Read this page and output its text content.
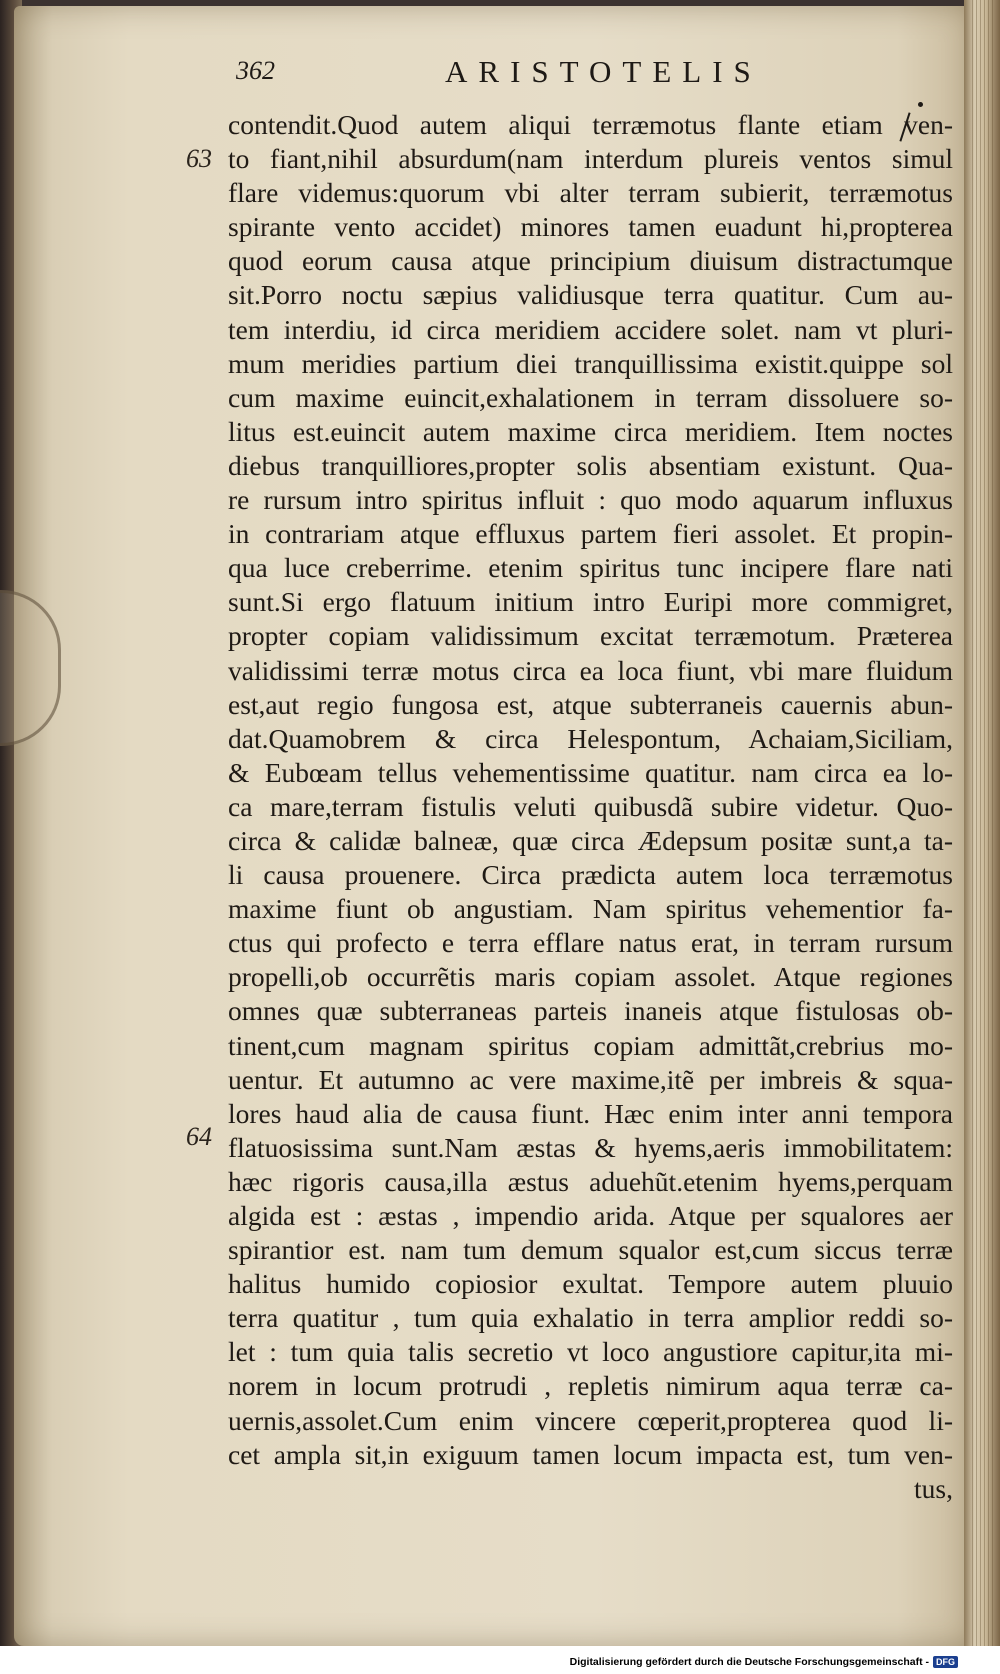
362	ARISTOTELIS
63
64
contendit.Quod autem aliqui terræmotus flante etiam ven-
to fiant,nihil absurdum(nam interdum plureis ventos simul
flare videmus:quorum vbi alter terram subierit, terræmotus
spirante vento accidet) minores tamen euadunt hi,propterea
quod eorum causa atque principium diuisum distractumque
sit.Porro noctu sæpius validiusque terra quatitur. Cum au-
tem interdiu, id circa meridiem accidere solet. nam vt pluri-
mum meridies partium diei tranquillissima existit.quippe sol
cum maxime euincit,exhalationem in terram dissoluere so-
litus est.euincit autem maxime circa meridiem. Item noctes
diebus tranquilliores,propter solis absentiam existunt. Qua-
re rursum intro spiritus influit : quo modo aquarum influxus
in contrariam atque effluxus partem fieri assolet. Et propin-
qua luce creberrime. etenim spiritus tunc incipere flare nati
sunt.Si ergo flatuum initium intro Euripi more commigret,
propter copiam validissimum excitat terræmotum. Præterea
validissimi terræ motus circa ea loca fiunt, vbi mare fluidum
est,aut regio fungosa est, atque subterraneis cauernis abun-
dat.Quamobrem & circa Helespontum, Achaiam,Siciliam,
& Eubœam tellus vehementissime quatitur. nam circa ea lo-
ca mare,terram fistulis veluti quibusdã subire videtur. Quo-
circa & calidæ balneæ, quæ circa Ædepsum positæ sunt,a ta-
li causa prouenere. Circa prædicta autem loca terræmotus
maxime fiunt ob angustiam. Nam spiritus vehementior fa-
ctus qui profecto e terra efflare natus erat, in terram rursum
propelli,ob occurrẽtis maris copiam assolet. Atque regiones
omnes quæ subterraneas parteis inaneis atque fistulosas ob-
tinent,cum magnam spiritus copiam admittãt,crebrius mo-
uentur. Et autumno ac vere maxime,itẽ per imbreis & squa-
lores haud alia de causa fiunt. Hæc enim inter anni tempora
flatuosissima sunt.Nam æstas & hyems,aeris immobilitatem:
hæc rigoris causa,illa æstus aduehũt.etenim hyems,perquam
algida est : æstas , impendio arida. Atque per squalores aer
spirantior est. nam tum demum squalor est,cum siccus terræ
halitus humido copiosior exultat. Tempore autem pluuio
terra quatitur , tum quia exhalatio in terra amplior reddi so-
let : tum quia talis secretio vt loco angustiore capitur,ita mi-
norem in locum protrudi , repletis nimirum aqua terræ ca-
uernis,assolet.Cum enim vincere cœperit,propterea quod li-
cet ampla sit,in exiguum tamen locum impacta est, tum ven-
tus,
Digitalisierung gefördert durch die Deutsche Forschungsgemeinschaft - DFG
